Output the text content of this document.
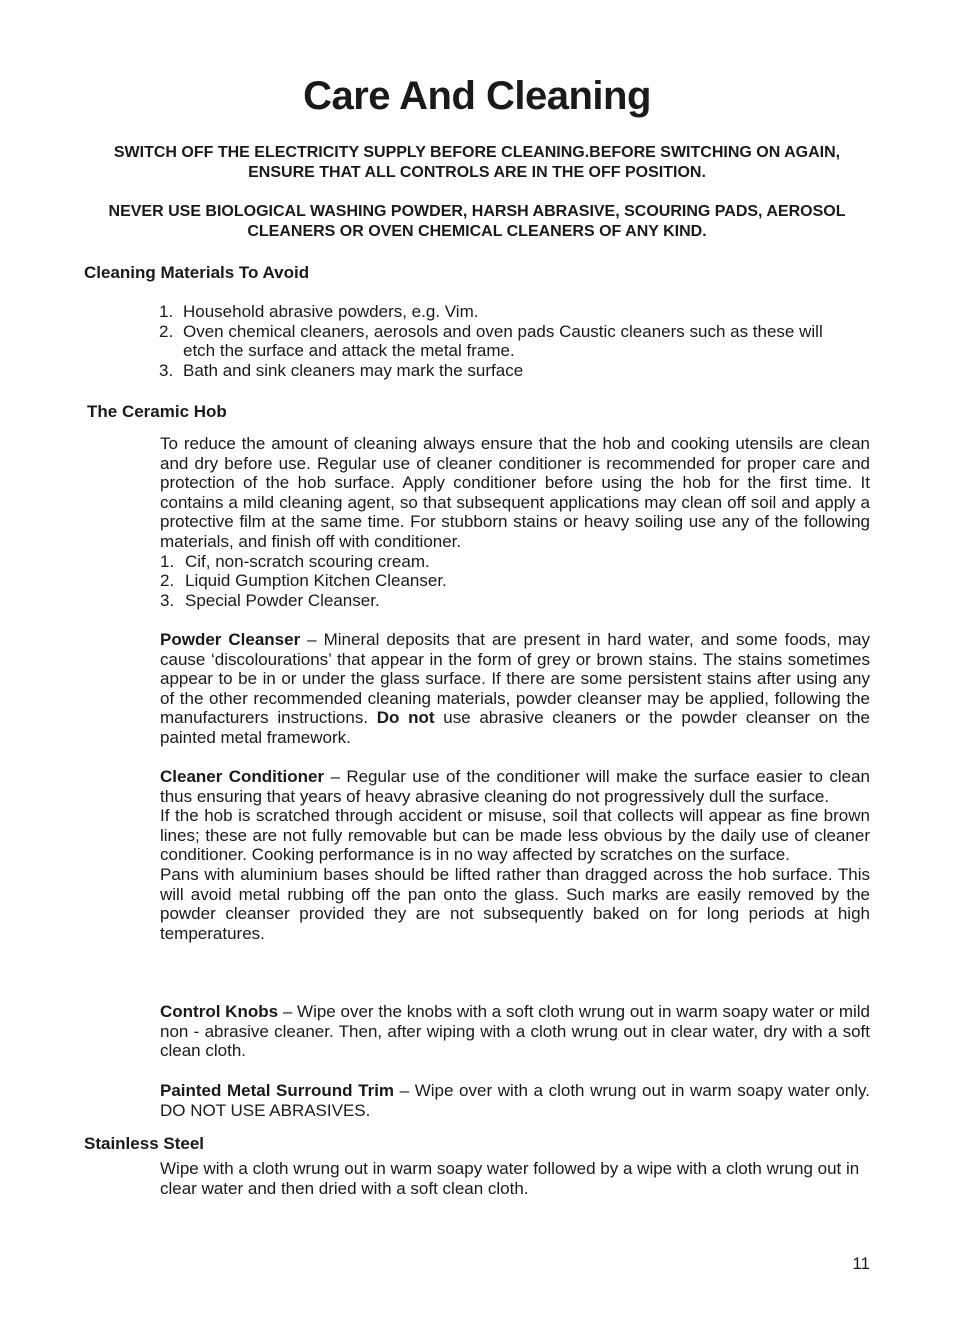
Care And Cleaning
SWITCH OFF THE ELECTRICITY SUPPLY BEFORE CLEANING.BEFORE SWITCHING ON AGAIN, ENSURE THAT ALL CONTROLS ARE IN THE OFF POSITION.
NEVER USE BIOLOGICAL WASHING POWDER, HARSH ABRASIVE, SCOURING PADS, AEROSOL CLEANERS OR OVEN CHEMICAL CLEANERS OF ANY KIND.
Cleaning Materials To Avoid
1. Household abrasive powders, e.g. Vim.
2. Oven chemical cleaners, aerosols and oven pads Caustic cleaners such as these will etch the surface and attack the metal frame.
3. Bath and sink cleaners may mark the surface
The Ceramic Hob

To reduce the amount of cleaning always ensure that the hob and cooking utensils are clean and dry before use. Regular use of cleaner conditioner is recommended for proper care and protection of the hob surface. Apply conditioner before using the hob for the first time. It contains a mild cleaning agent, so that subsequent applications may clean off soil and apply a protective film at the same time. For stubborn stains or heavy soiling use any of the following materials, and finish off with conditioner.

1. Cif, non-scratch scouring cream.
2. Liquid Gumption Kitchen Cleanser.
3. Special Powder Cleanser.

Powder Cleanser – Mineral deposits that are present in hard water, and some foods, may cause ‘discolourations’ that appear in the form of grey or brown stains. The stains sometimes appear to be in or under the glass surface. If there are some persistent stains after using any of the other recommended cleaning materials, powder cleanser may be applied, following the manufacturers instructions. Do not use abrasive cleaners or the powder cleanser on the painted metal framework.

Cleaner Conditioner – Regular use of the conditioner will make the surface easier to clean thus ensuring that years of heavy abrasive cleaning do not progressively dull the surface.

If the hob is scratched through accident or misuse, soil that collects will appear as fine brown lines; these are not fully removable but can be made less obvious by the daily use of cleaner conditioner. Cooking performance is in no way affected by scratches on the surface.

Pans with aluminium bases should be lifted rather than dragged across the hob surface. This will avoid metal rubbing off the pan onto the glass. Such marks are easily removed by the powder cleanser provided they are not subsequently baked on for long periods at high temperatures.

Control Knobs – Wipe over the knobs with a soft cloth wrung out in warm soapy water or mild non - abrasive cleaner. Then, after wiping with a cloth wrung out in clear water, dry with a soft clean cloth.

Painted Metal Surround Trim – Wipe over with a cloth wrung out in warm soapy water only. DO NOT USE ABRASIVES.

Stainless Steel

Wipe with a cloth wrung out in warm soapy water followed by a wipe with a cloth wrung out in clear water and then dried with a soft clean cloth.

11
